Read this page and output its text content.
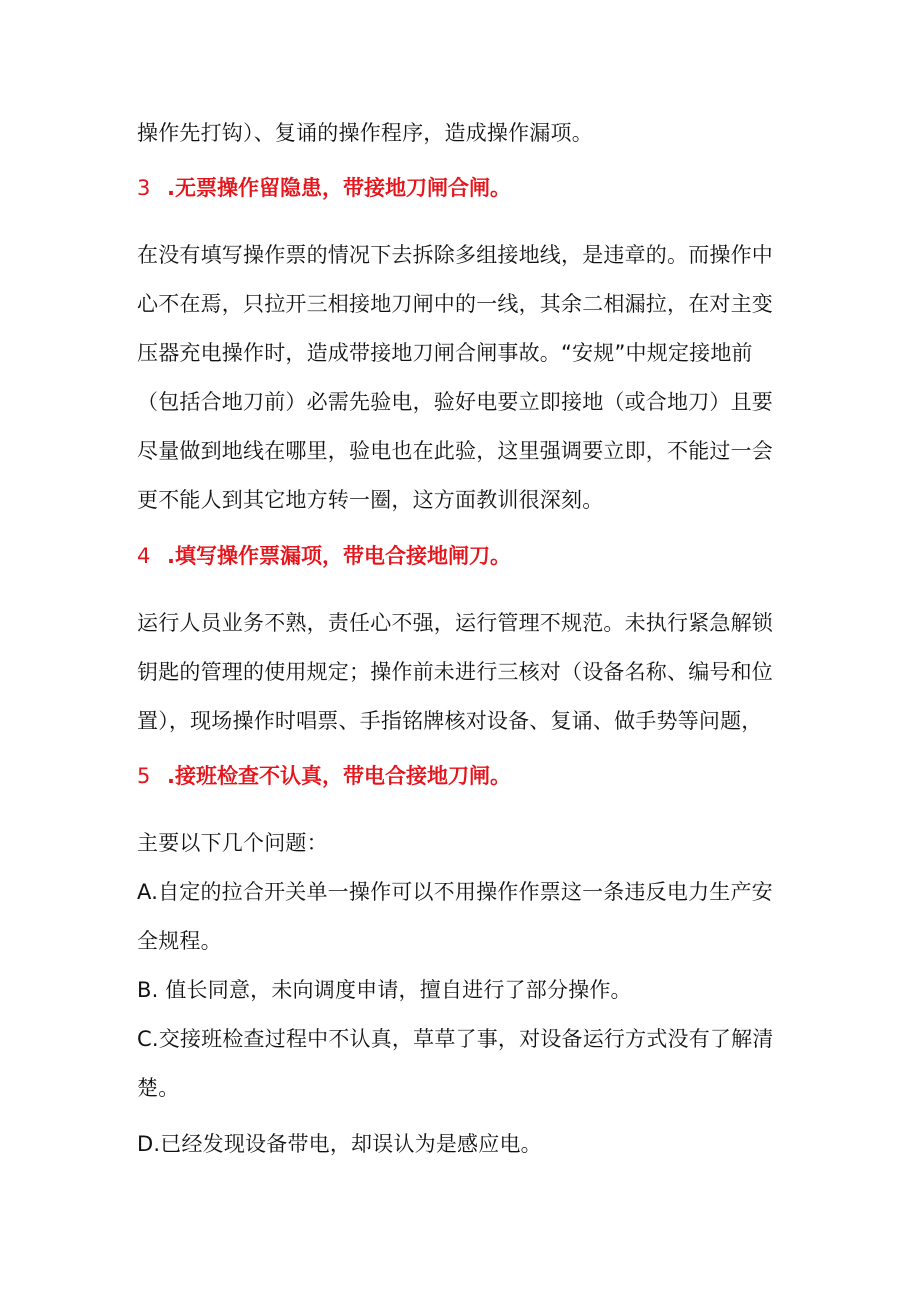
操作先打钩）、复诵的操作程序，造成操作漏项。
3 .无票操作留隐患，带接地刀闸合闸。
在没有填写操作票的情况下去拆除多组接地线，是违章的。而操作中
心不在焉，只拉开三相接地刀闸中的一线，其余二相漏拉，在对主变
压器充电操作时，造成带接地刀闸合闸事故。“安规”中规定接地前
（包括合地刀前）必需先验电，验好电要立即接地（或合地刀）且要
尽量做到地线在哪里，验电也在此验，这里强调要立即，不能过一会
更不能人到其它地方转一圈，这方面教训很深刻。
4 .填写操作票漏项，带电合接地闸刀。
运行人员业务不熟，责任心不强，运行管理不规范。未执行紧急解锁
钥匙的管理的使用规定；操作前未进行三核对（设备名称、编号和位
置），现场操作时唱票、手指铭牌核对设备、复诵、做手势等问题，
5 .接班检查不认真，带电合接地刀闸。
主要以下几个问题：
A.自定的拉合开关单一操作可以不用操作作票这一条违反电力生产安
全规程。
B. 值长同意，未向调度申请，擅自进行了部分操作。
C.交接班检查过程中不认真，草草了事，对设备运行方式没有了解清
楚。
D.已经发现设备带电，却误认为是感应电。
